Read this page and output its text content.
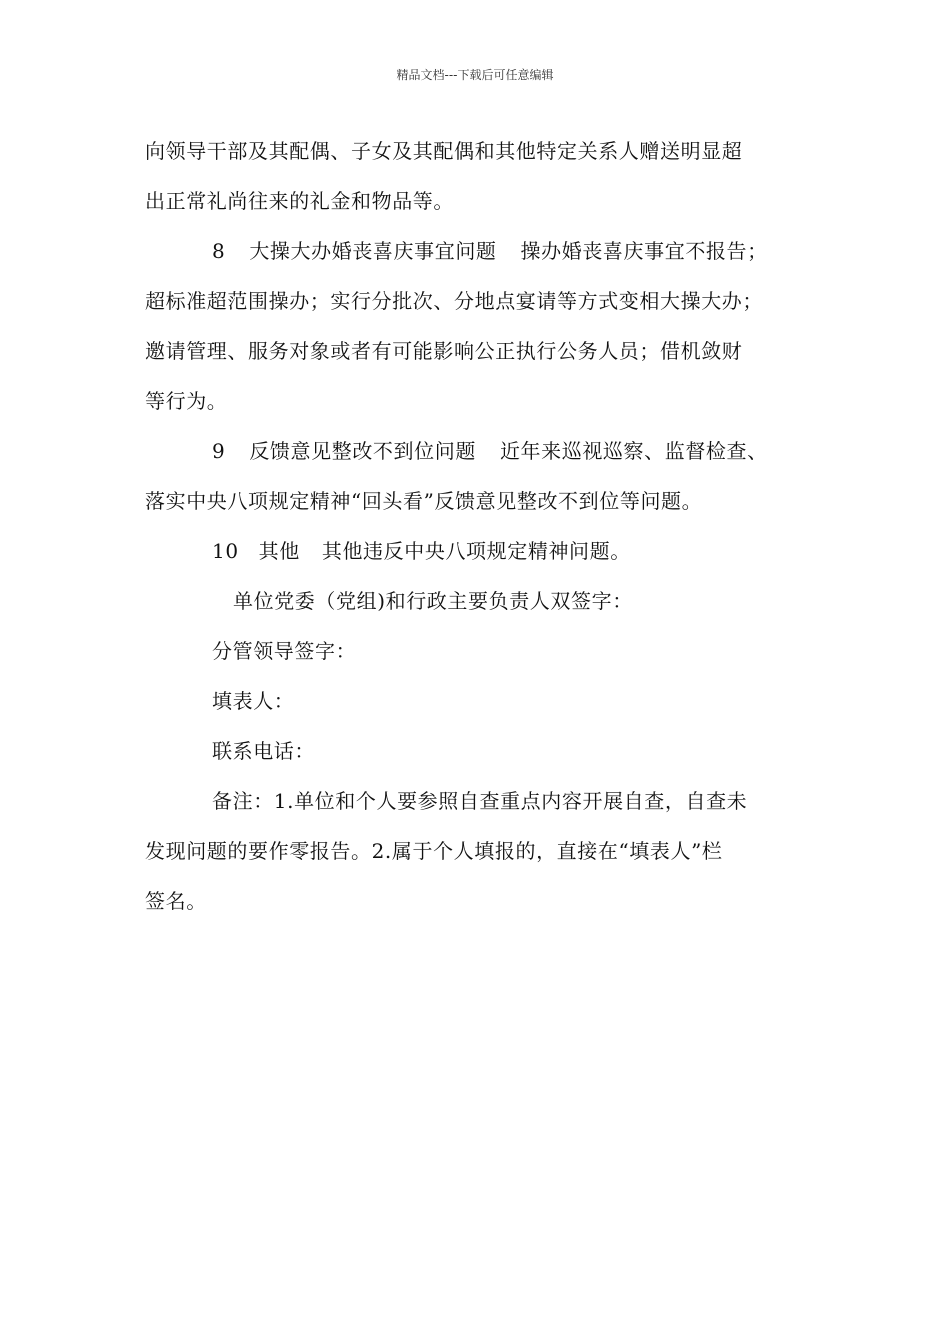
精品文档---下载后可任意编辑
向领导干部及其配偶、子女及其配偶和其他特定关系人赠送明显超
出正常礼尚往来的礼金和物品等。
8 大操大办婚丧喜庆事宜问题 操办婚丧喜庆事宜不报告；
超标准超范围操办；实行分批次、分地点宴请等方式变相大操大办；
邀请管理、服务对象或者有可能影响公正执行公务人员；借机敛财
等行为。
9 反馈意见整改不到位问题 近年来巡视巡察、监督检查、
落实中央八项规定精神“回头看”反馈意见整改不到位等问题。
10 其他 其他违反中央八项规定精神问题。
单位党委（党组)和行政主要负责人双签字：
分管领导签字：
填表人：
联系电话：
备注：1.单位和个人要参照自查重点内容开展自查，自查未
发现问题的要作零报告。2.属于个人填报的，直接在“填表人”栏
签名。
